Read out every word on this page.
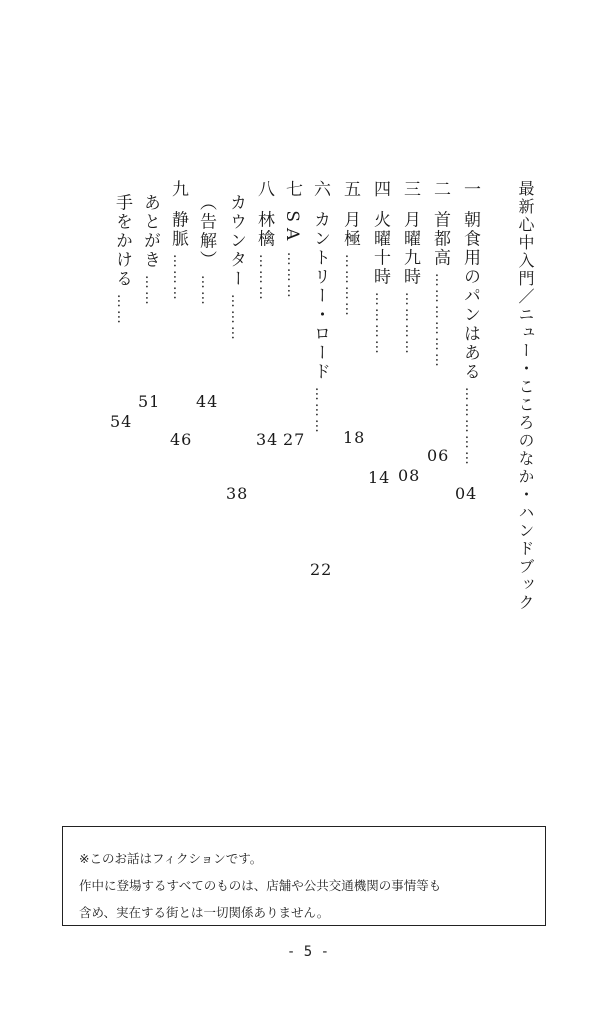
最新心中入門／ニュー・こころのなか・ハンドブック
一 朝食用のパンはある ……………
04
二 首都高 ………………
06
三 月曜九時 …………
08
四 火曜十時 …………
14
五 月極 …………
18
六 カントリー・ロード ………
22
七 SA ………
27
八 林檎 ………
34
カウンター ………
38
（告解） ……
44
九 静脈 ………
46
あとがき ……
51
手をかける ……
54
※このお話はフィクションです。
作中に登場するすべてのものは、店舗や公共交通機関の事情等も
含め、実在する街とは一切関係ありません。
- 5 -
